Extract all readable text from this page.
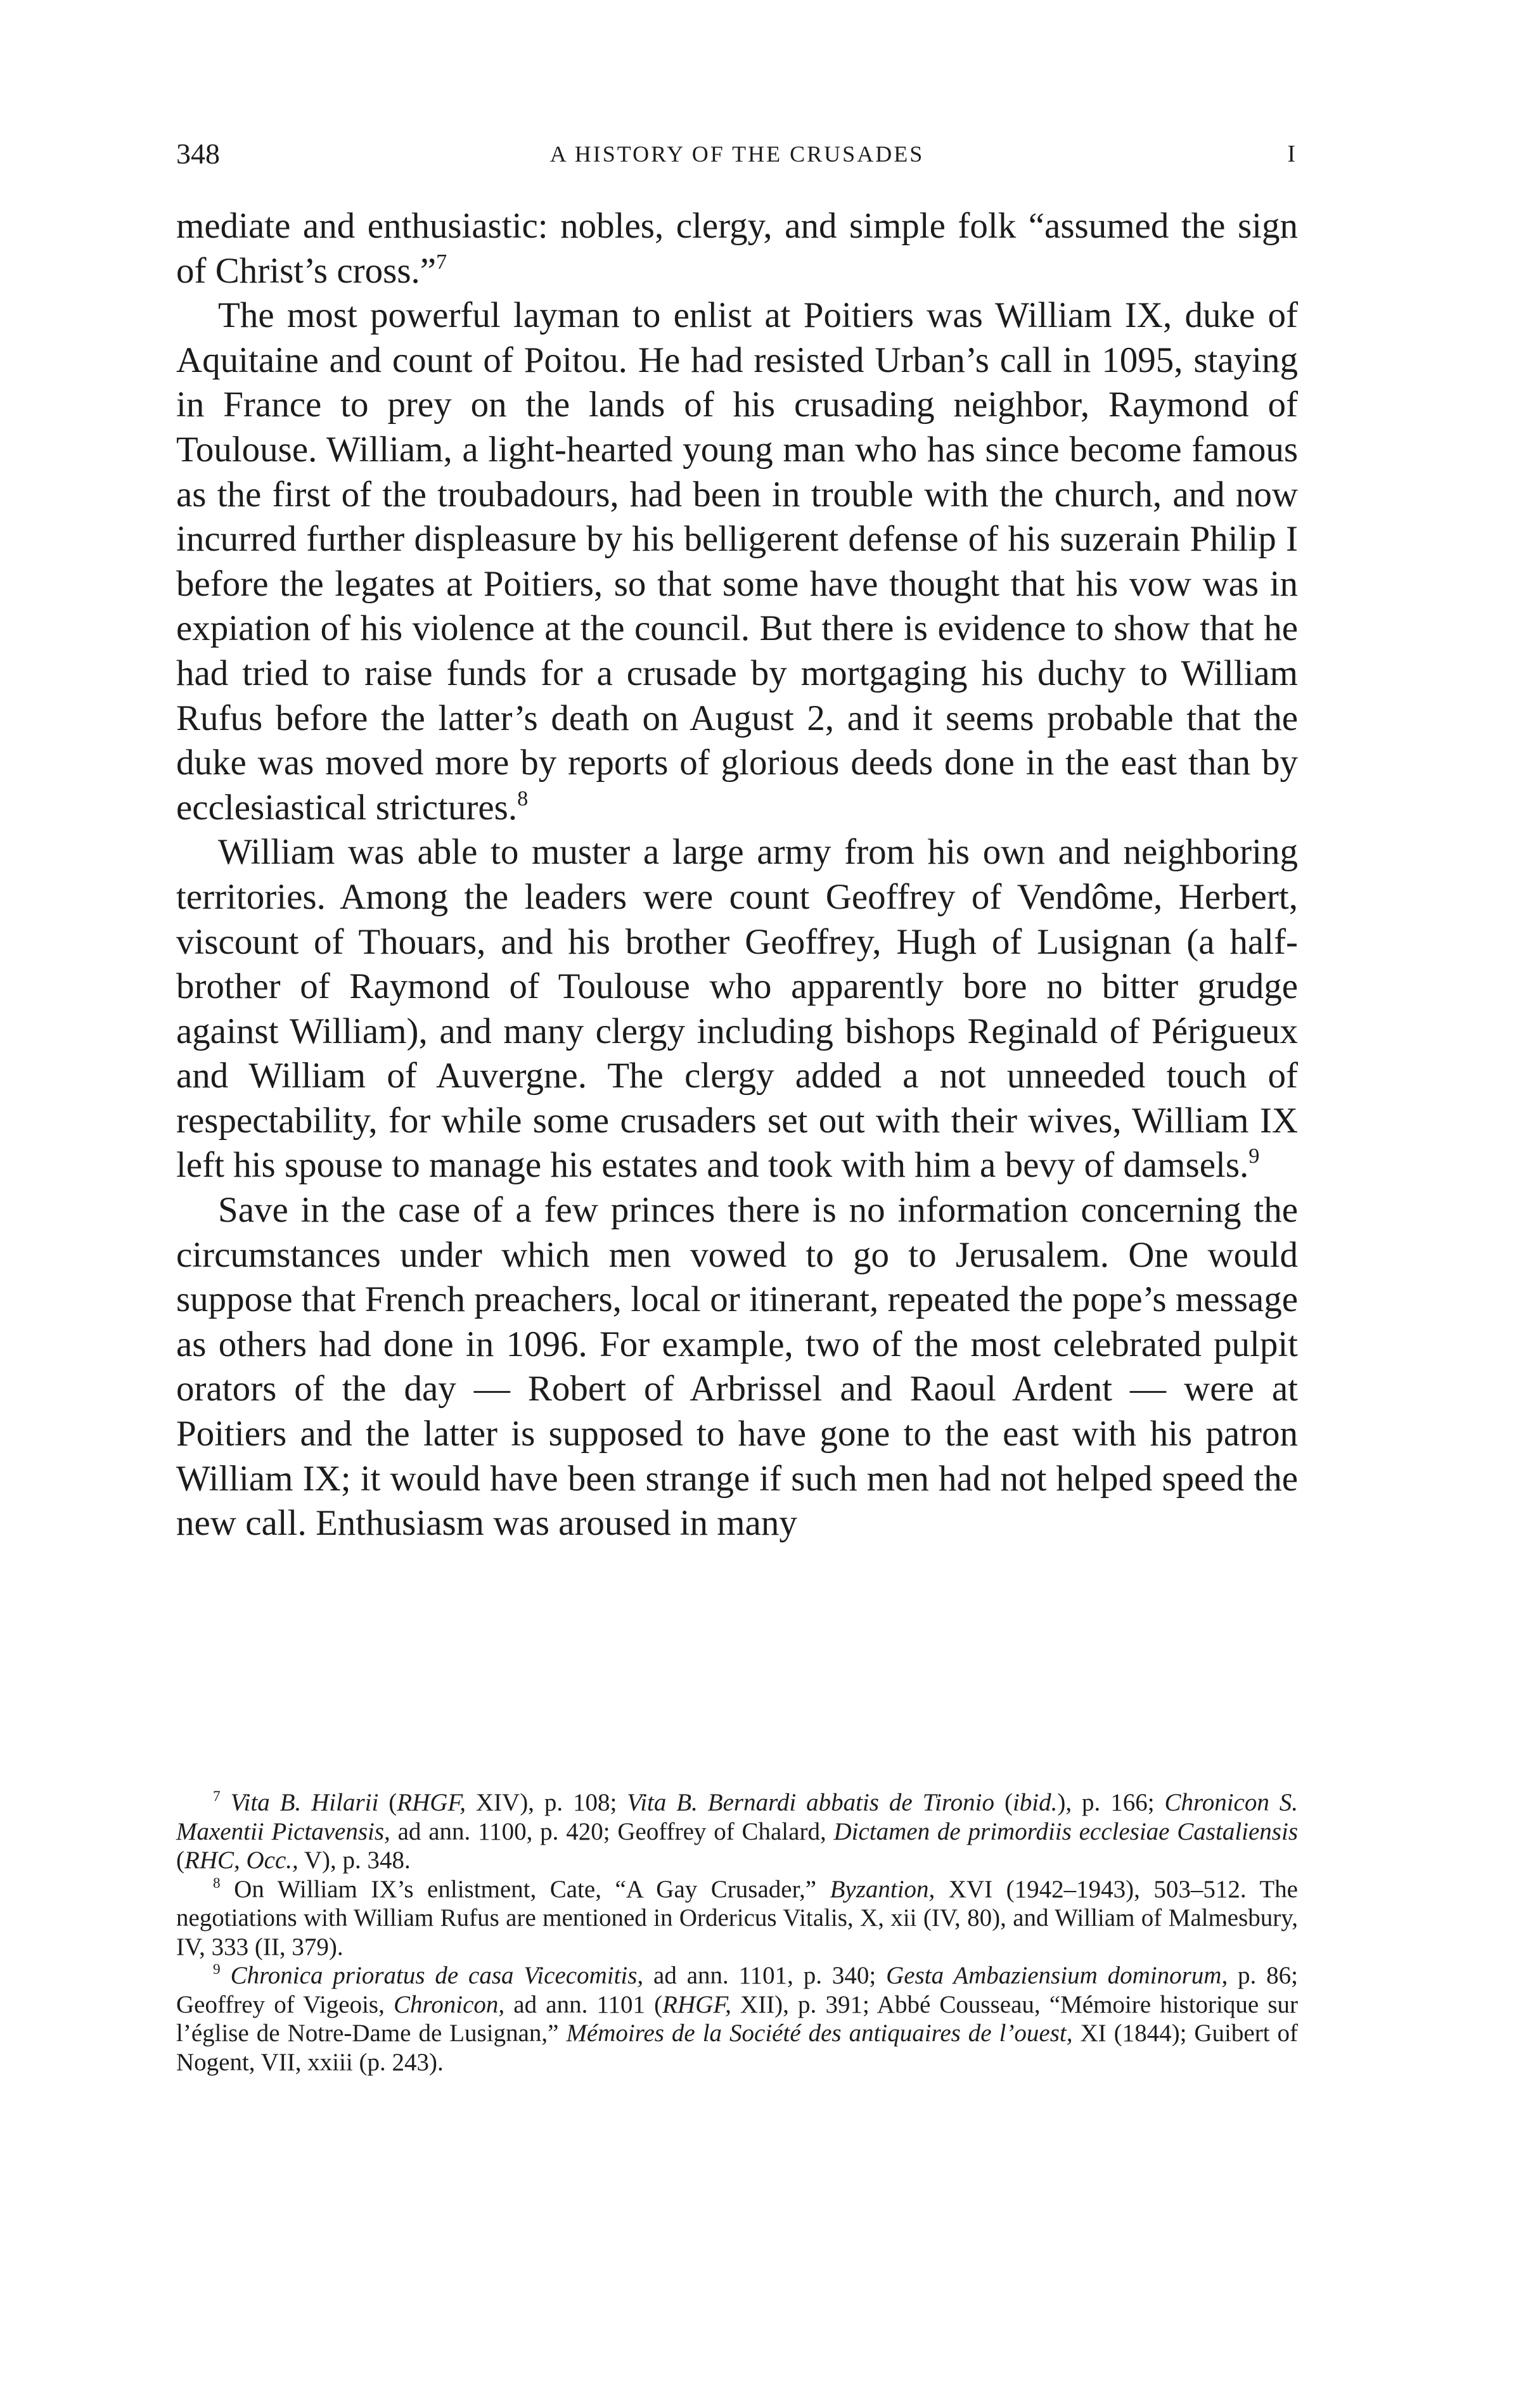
348	A HISTORY OF THE CRUSADES	I

mediate and enthusiastic: nobles, clergy, and simple folk “assumed the sign of Christ’s cross.”$^7$

The most powerful layman to enlist at Poitiers was William IX, duke of Aquitaine and count of Poitou. He had resisted Urban’s call in 1095, staying in France to prey on the lands of his crusading neighbor, Raymond of Toulouse. William, a light-hearted young man who has since become famous as the first of the troubadours, had been in trouble with the church, and now incurred further displeasure by his belligerent defense of his suzerain Philip I before the legates at Poitiers, so that some have thought that his vow was in expiation of his violence at the council. But there is evidence to show that he had tried to raise funds for a crusade by mortgaging his duchy to William Rufus before the latter’s death on August 2, and it seems probable that the duke was moved more by reports of glorious deeds done in the east than by ecclesiastical strictures.$^8$

William was able to muster a large army from his own and neighboring territories. Among the leaders were count Geoffrey of Vendôme, Herbert, viscount of Thouars, and his brother Geoffrey, Hugh of Lusignan (a half-brother of Raymond of Toulouse who apparently bore no bitter grudge against William), and many clergy including bishops Reginald of Périgueux and William of Auvergne. The clergy added a not unneeded touch of respectability, for while some crusaders set out with their wives, William IX left his spouse to manage his estates and took with him a bevy of damsels.$^9$

Save in the case of a few princes there is no information concerning the circumstances under which men vowed to go to Jerusalem. One would suppose that French preachers, local or itinerant, repeated the pope’s message as others had done in 1096. For example, two of the most celebrated pulpit orators of the day — Robert of Arbrissel and Raoul Ardent — were at Poitiers and the latter is supposed to have gone to the east with his patron William IX; it would have been strange if such men had not helped speed the new call. Enthusiasm was aroused in many

$^7$ Vita B. Hilarii (RHGF, XIV), p. 108; Vita B. Bernardi abbatis de Tironio (ibid.), p. 166; Chronicon S. Maxentii Pictavensis, ad ann. 1100, p. 420; Geoffrey of Chalard, Dictamen de primordiis ecclesiae Castaliensis (RHC, Occ., V), p. 348.

$^8$ On William IX’s enlistment, Cate, “A Gay Crusader,” Byzantion, XVI (1942–1943), 503–512. The negotiations with William Rufus are mentioned in Ordericus Vitalis, X, xii (IV, 80), and William of Malmesbury, IV, 333 (II, 379).

$^9$ Chronica prioratus de casa Vicecomitis, ad ann. 1101, p. 340; Gesta Ambaziensium dominorum, p. 86; Geoffrey of Vigeois, Chronicon, ad ann. 1101 (RHGF, XII), p. 391; Abbé Cousseau, “Mémoire historique sur l’église de Notre-Dame de Lusignan,” Mémoires de la Société des antiquaires de l’ouest, XI (1844); Guibert of Nogent, VII, xxiii (p. 243).
